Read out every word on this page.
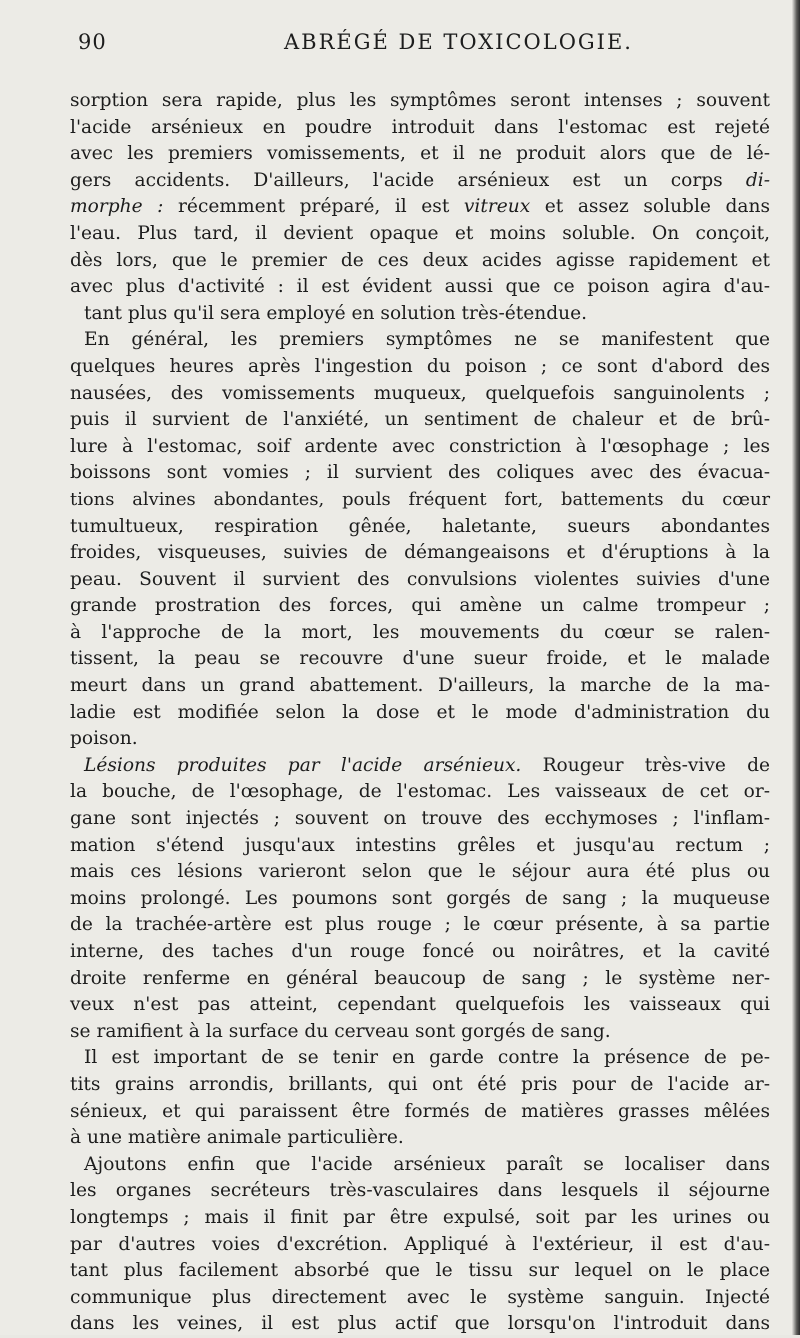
90	ABRÉGÉ DE TOXICOLOGIE.
sorption sera rapide, plus les symptômes seront intenses ; souvent
l'acide arsénieux en poudre introduit dans l'estomac est rejeté
avec les premiers vomissements, et il ne produit alors que de lé-
gers accidents. D'ailleurs, l'acide arsénieux est un corps di-
morphe : récemment préparé, il est vitreux et assez soluble dans
l'eau. Plus tard, il devient opaque et moins soluble. On conçoit,
dès lors, que le premier de ces deux acides agisse rapidement et
avec plus d'activité : il est évident aussi que ce poison agira d'au-
tant plus qu'il sera employé en solution très-étendue.
En général, les premiers symptômes ne se manifestent que
quelques heures après l'ingestion du poison ; ce sont d'abord des
nausées, des vomissements muqueux, quelquefois sanguinolents ;
puis il survient de l'anxiété, un sentiment de chaleur et de brû-
lure à l'estomac, soif ardente avec constriction à l'œsophage ; les
boissons sont vomies ; il survient des coliques avec des évacua-
tions alvines abondantes, pouls fréquent fort, battements du cœur
tumultueux, respiration gênée, haletante, sueurs abondantes
froides, visqueuses, suivies de démangeaisons et d'éruptions à la
peau. Souvent il survient des convulsions violentes suivies d'une
grande prostration des forces, qui amène un calme trompeur ;
à l'approche de la mort, les mouvements du cœur se ralen-
tissent, la peau se recouvre d'une sueur froide, et le malade
meurt dans un grand abattement. D'ailleurs, la marche de la ma-
ladie est modifiée selon la dose et le mode d'administration du
poison.
Lésions produites par l'acide arsénieux. Rougeur très-vive de
la bouche, de l'œsophage, de l'estomac. Les vaisseaux de cet or-
gane sont injectés ; souvent on trouve des ecchymoses ; l'inflam-
mation s'étend jusqu'aux intestins grêles et jusqu'au rectum ;
mais ces lésions varieront selon que le séjour aura été plus ou
moins prolongé. Les poumons sont gorgés de sang ; la muqueuse
de la trachée-artère est plus rouge ; le cœur présente, à sa partie
interne, des taches d'un rouge foncé ou noirâtres, et la cavité
droite renferme en général beaucoup de sang ; le système ner-
veux n'est pas atteint, cependant quelquefois les vaisseaux qui
se ramifient à la surface du cerveau sont gorgés de sang.
Il est important de se tenir en garde contre la présence de pe-
tits grains arrondis, brillants, qui ont été pris pour de l'acide ar-
sénieux, et qui paraissent être formés de matières grasses mêlées
à une matière animale particulière.
Ajoutons enfin que l'acide arsénieux paraît se localiser dans
les organes secréteurs très-vasculaires dans lesquels il séjourne
longtemps ; mais il finit par être expulsé, soit par les urines ou
par d'autres voies d'excrétion. Appliqué à l'extérieur, il est d'au-
tant plus facilement absorbé que le tissu sur lequel on le place
communique plus directement avec le système sanguin. Injecté
dans les veines, il est plus actif que lorsqu'on l'introduit dans
